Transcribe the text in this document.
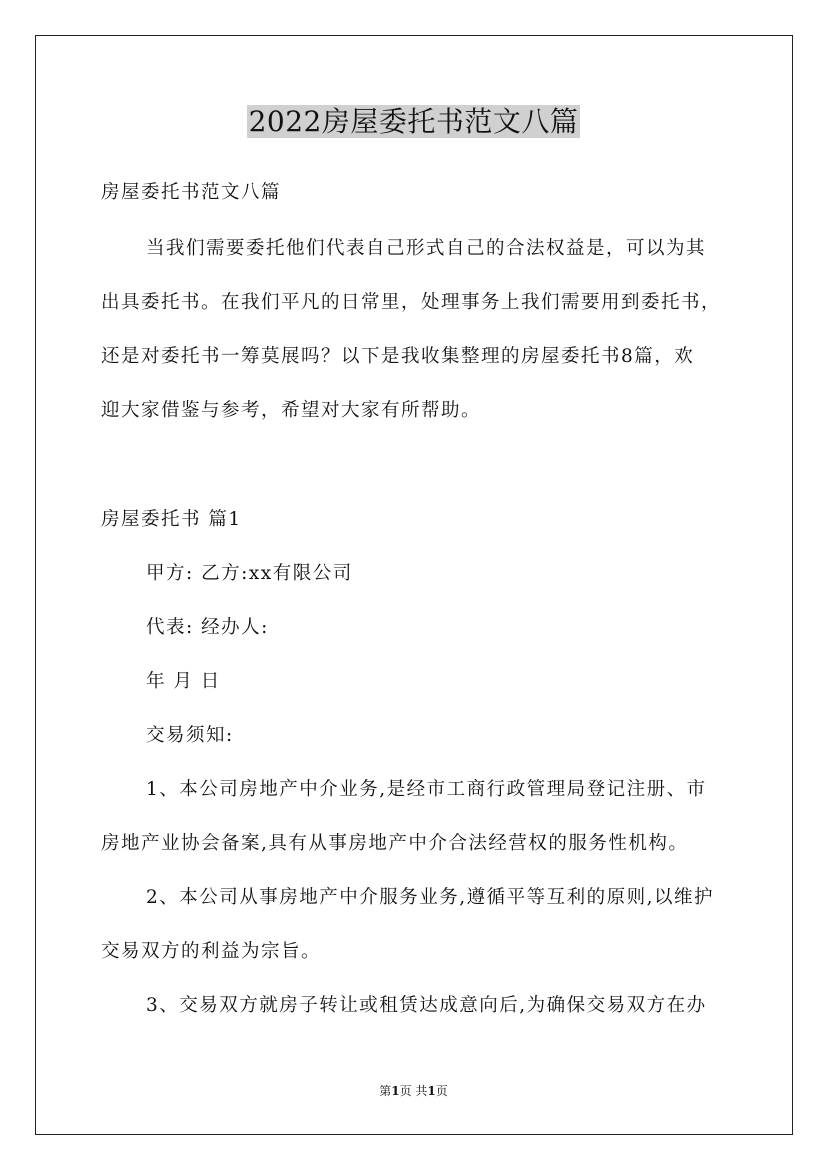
2022房屋委托书范文八篇
房屋委托书范文八篇
当我们需要委托他们代表自己形式自己的合法权益是，可以为其
出具委托书。在我们平凡的日常里，处理事务上我们需要用到委托书，
还是对委托书一筹莫展吗？以下是我收集整理的房屋委托书8篇，欢
迎大家借鉴与参考，希望对大家有所帮助。
房屋委托书 篇1
甲方: 乙方:xx有限公司
代表: 经办人:
年 月 日
交易须知:
1、本公司房地产中介业务,是经市工商行政管理局登记注册、市
房地产业协会备案,具有从事房地产中介合法经营权的服务性机构。
2、本公司从事房地产中介服务业务,遵循平等互利的原则,以维护
交易双方的利益为宗旨。
3、交易双方就房子转让或租赁达成意向后,为确保交易双方在办
第1页 共1页
